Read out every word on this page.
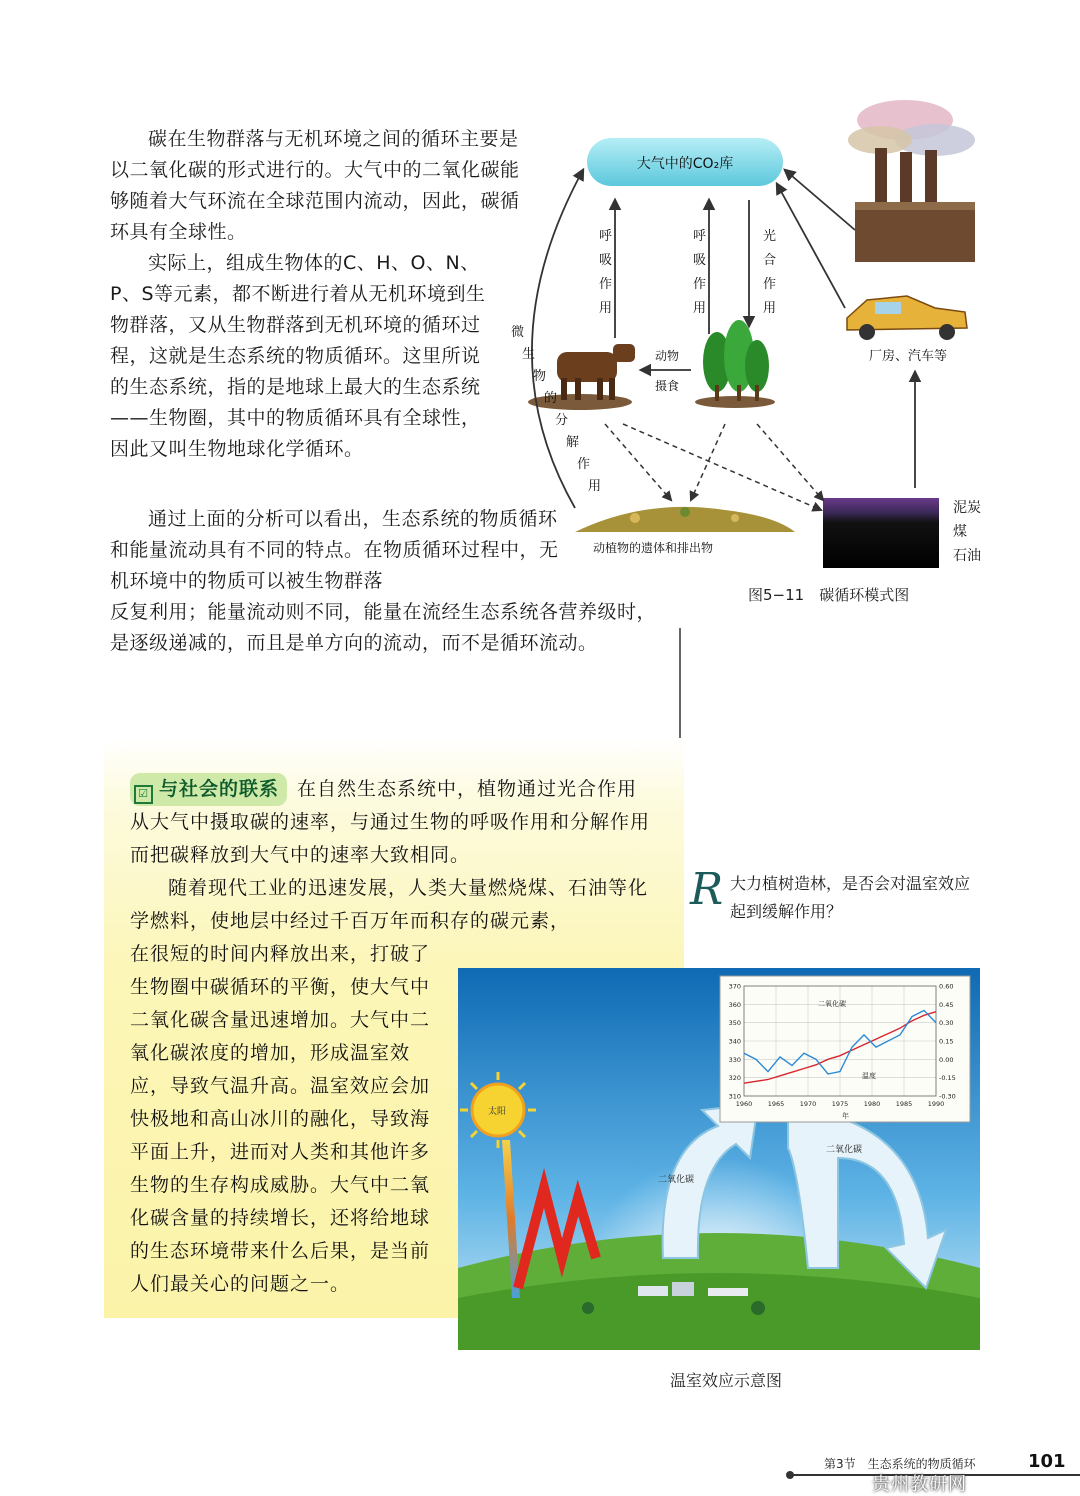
碳在生物群落与无机环境之间的循环主要是以二氧化碳的形式进行的。大气中的二氧化碳能够随着大气环流在全球范围内流动，因此，碳循环具有全球性。

实际上，组成生物体的C、H、O、N、P、S等元素，都不断进行着从无机环境到生物群落，又从生物群落到无机环境的循环过程，这就是生态系统的物质循环。这里所说的生态系统，指的是地球上最大的生态系统——生物圈，其中的物质循环具有全球性，因此又叫生物地球化学循环。

通过上面的分析可以看出，生态系统的物质循环和能量流动具有不同的特点。在物质循环过程中，无机环境中的物质可以被生物群落
反复利用；能量流动则不同，能量在流经生态系统各营养级时，是逐级递减的，而且是单方向的流动，而不是循环流动。

大气中的CO₂库
厂房、汽车等
动植物的遗体和排出物
泥炭
煤
石油
呼吸作用
呼吸作用
光合作用
微生物的分解作用
动物
摄食
图5−11　碳循环模式图

☑ 与社会的联系 在自然生态系统中，植物通过光合作用从大气中摄取碳的速率，与通过生物的呼吸作用和分解作用而把碳释放到大气中的速率大致相同。

随着现代工业的迅速发展，人类大量燃烧煤、石油等化学燃料，使地层中经过千百万年而积存的碳元素，

在很短的时间内释放出来，打破了生物圈中碳循环的平衡，使大气中二氧化碳含量迅速增加。大气中二氧化碳浓度的增加，形成温室效应，导致气温升高。温室效应会加快极地和高山冰川的融化，导致海平面上升，进而对人类和其他许多生物的生存构成威胁。大气中二氧化碳含量的持续增长，还将给地球的生态环境带来什么后果，是当前人们最关心的问题之一。

R 大力植树造林，是否会对温室效应起到缓解作用？
太阳
二氧化碳
二氧化碳
370
360
350
340
330
320
310
0.60
0.45
0.30
0.15
0.00
-0.15
-0.30
1960 1965 1970 1975 1980 1985 1990
二氧化碳
温度
年
温室效应示意图
第3节　生态系统的物质循环	101
贵州教研网
